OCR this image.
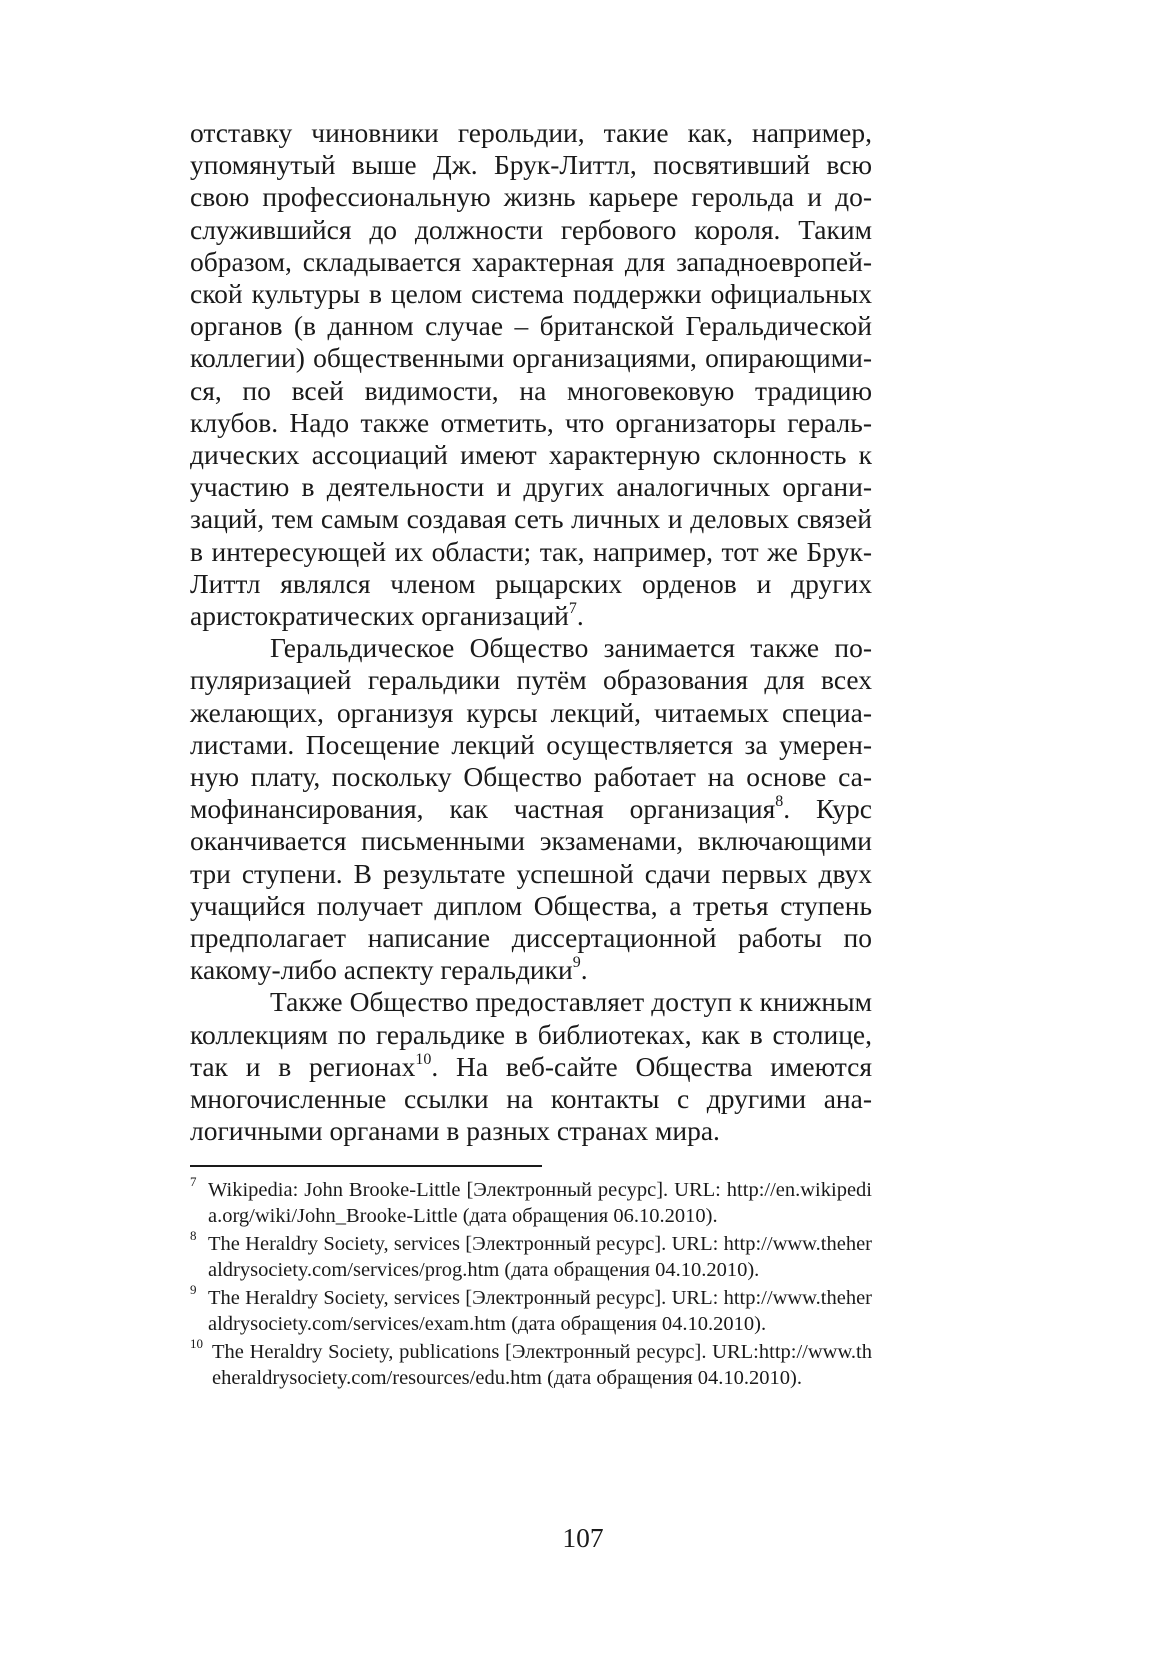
отставку чиновники герольдии, такие как, например, упомянутый выше Дж. Брук-Литтл, посвятивший всю свою профессиональную жизнь карьере герольда и дослужившийся до должности гербового короля. Таким образом, складывается характерная для западноевропейской культуры в целом система поддержки официальных органов (в данном случае – британской Геральдической коллегии) общественными организациями, опирающимися, по всей видимости, на многовековую традицию клубов. Надо также отметить, что организаторы геральдических ассоциаций имеют характерную склонность к участию в деятельности и других аналогичных организаций, тем самым создавая сеть личных и деловых связей в интересующей их области; так, например, тот же Брук-Литтл являлся членом рыцарских орденов и других аристократических организаций$^7$.

Геральдическое Общество занимается также популяризацией геральдики путём образования для всех желающих, организуя курсы лекций, читаемых специалистами. Посещение лекций осуществляется за умеренную плату, поскольку Общество работает на основе самофинансирования, как частная организация$^8$. Курс оканчивается письменными экзаменами, включающими три ступени. В результате успешной сдачи первых двух учащийся получает диплом Общества, а третья ступень предполагает написание диссертационной работы по какому-либо аспекту геральдики$^9$.

Также Общество предоставляет доступ к книжным коллекциям по геральдике в библиотеках, как в столице, так и в регионах$^{10}$. На веб-сайте Общества имеются многочисленные ссылки на контакты с другими аналогичными органами в разных странах мира.

7 Wikipedia: John Brooke-Little [Электронный ресурс]. URL: http://en.wikipedia.org/wiki/John_Brooke-Little (дата обращения 06.10.2010).
8 The Heraldry Society, services [Электронный ресурс]. URL: http://www.theheraldrysociety.com/services/prog.htm (дата обращения 04.10.2010).
9 The Heraldry Society, services [Электронный ресурс]. URL: http://www.theheraldrysociety.com/services/exam.htm (дата обращения 04.10.2010).
10 The Heraldry Society, publications [Электронный ресурс]. URL:http://www.theheraldrysociety.com/resources/edu.htm (дата обращения 04.10.2010).
107
